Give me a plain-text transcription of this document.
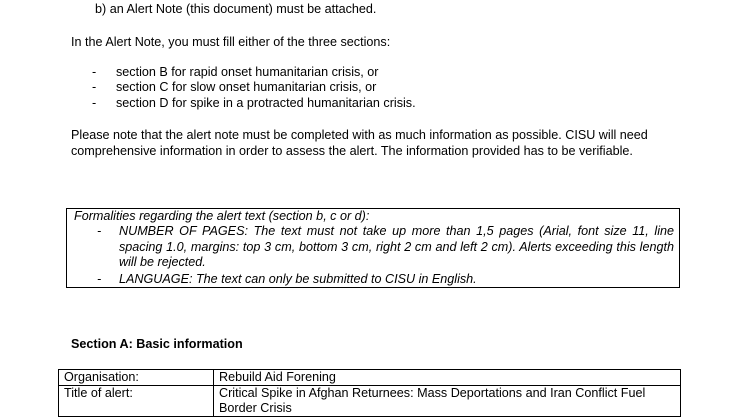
b) an Alert Note (this document) must be attached.
In the Alert Note, you must fill either of the three sections:
- section B for rapid onset humanitarian crisis, or
- section C for slow onset humanitarian crisis, or
- section D for spike in a protracted humanitarian crisis.
Please note that the alert note must be completed with as much information as possible. CISU will need comprehensive information in order to assess the alert. The information provided has to be verifiable.
Formalities regarding the alert text (section b, c or d):
- NUMBER OF PAGES: The text must not take up more than 1,5 pages (Arial, font size 11, line spacing 1.0, margins: top 3 cm, bottom 3 cm, right 2 cm and left 2 cm). Alerts exceeding this length will be rejected.
- LANGUAGE: The text can only be submitted to CISU in English.
Section A: Basic information
Organisation:	Rebuild Aid Forening
Title of alert:	Critical Spike in Afghan Returnees: Mass Deportations and Iran Conflict Fuel Border Crisis
